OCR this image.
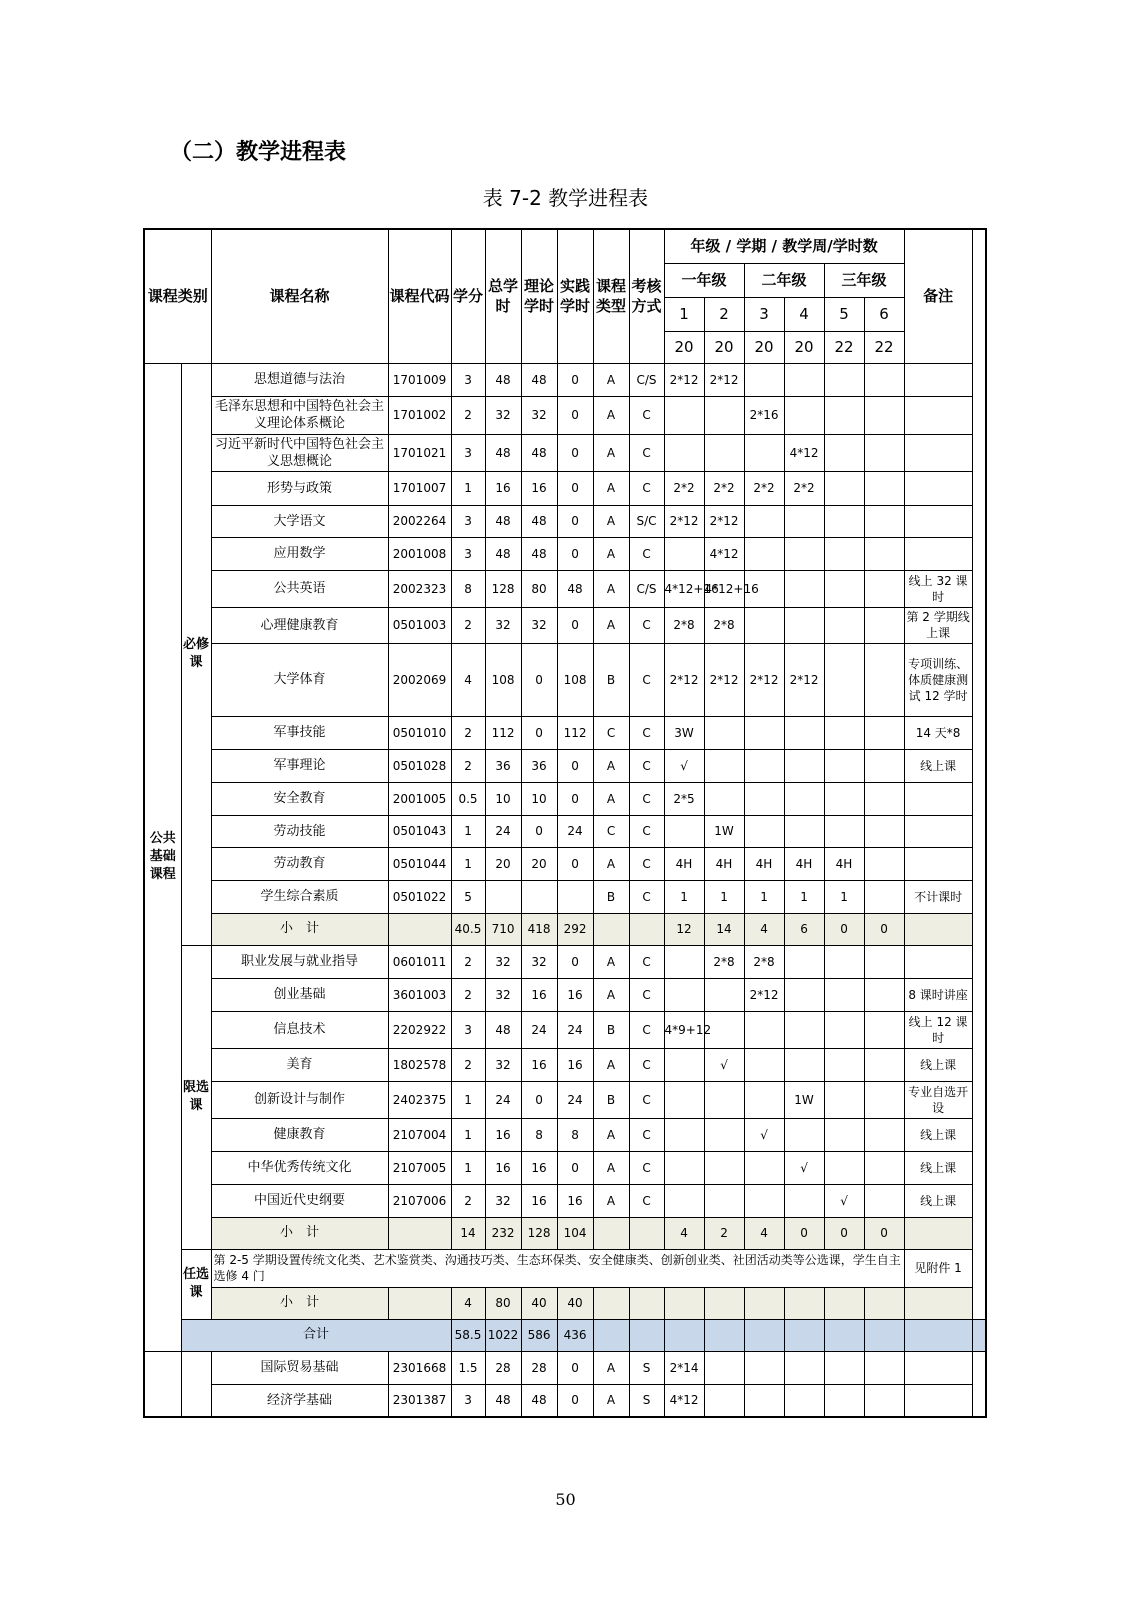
（二）教学进程表
表 7-2 教学进程表
课程类别		课程名称	课程代码	学分	总学时	理论学时	实践学时	课程类型	考核方式	年级 / 学期 / 教学周/学时数						备注	
										一年级		二年级		三年级			
										1	2	3	4	5	6		
										20	20	20	20	22	22		
公共基础课程	必修课	思想道德与法治	1701009	3	48	48	0	A	C/S	2*12	2*12						
		毛泽东思想和中国特色社会主义理论体系概论	1701002	2	32	32	0	A	C			2*16					
		习近平新时代中国特色社会主义思想概论	1701021	3	48	48	0	A	C				4*12				
		形势与政策	1701007	1	16	16	0	A	C	2*2	2*2	2*2	2*2				
		大学语文	2002264	3	48	48	0	A	S/C	2*12	2*12						
		应用数学	2001008	3	48	48	0	A	C		4*12						
		公共英语	2002323	8	128	80	48	A	C/S	4*12+16	4*12+16					线上 32 课时	
		心理健康教育	0501003	2	32	32	0	A	C	2*8	2*8					第 2 学期线上课	
		大学体育	2002069	4	108	0	108	B	C	2*12	2*12	2*12	2*12			专项训练、体质健康测试 12 学时	
		军事技能	0501010	2	112	0	112	C	C	3W						14 天*8	
		军事理论	0501028	2	36	36	0	A	C	√						线上课	
		安全教育	2001005	0.5	10	10	0	A	C	2*5							
		劳动技能	0501043	1	24	0	24	C	C		1W						
		劳动教育	0501044	1	20	20	0	A	C	4H	4H	4H	4H	4H			
		学生综合素质	0501022	5				B	C	1	1	1	1	1		不计课时	
		小　计		40.5	710	418	292			12	14	4	6	0	0		
	限选课	职业发展与就业指导	0601011	2	32	32	0	A	C		2*8	2*8					
		创业基础	3601003	2	32	16	16	A	C			2*12				8 课时讲座	
		信息技术	2202922	3	48	24	24	B	C	4*9+12						线上 12 课时	
		美育	1802578	2	32	16	16	A	C		√					线上课	
		创新设计与制作	2402375	1	24	0	24	B	C				1W			专业自选开设	
		健康教育	2107004	1	16	8	8	A	C			√				线上课	
		中华优秀传统文化	2107005	1	16	16	0	A	C				√			线上课	
		中国近代史纲要	2107006	2	32	16	16	A	C					√		线上课	
		小　计		14	232	128	104			4	2	4	0	0	0		
	任选课	第 2-5 学期设置传统文化类、艺术鉴赏类、沟通技巧类、生态环保类、安全健康类、创新创业类、社团活动类等公选课，学生自主选修 4 门														见附件 1	
		小　计		4	80	40	40										
	合计			58.5	1022	586	436										
		国际贸易基础	2301668	1.5	28	28	0	A	S	2*14							
		经济学基础	2301387	3	48	48	0	A	S	4*12							
50
